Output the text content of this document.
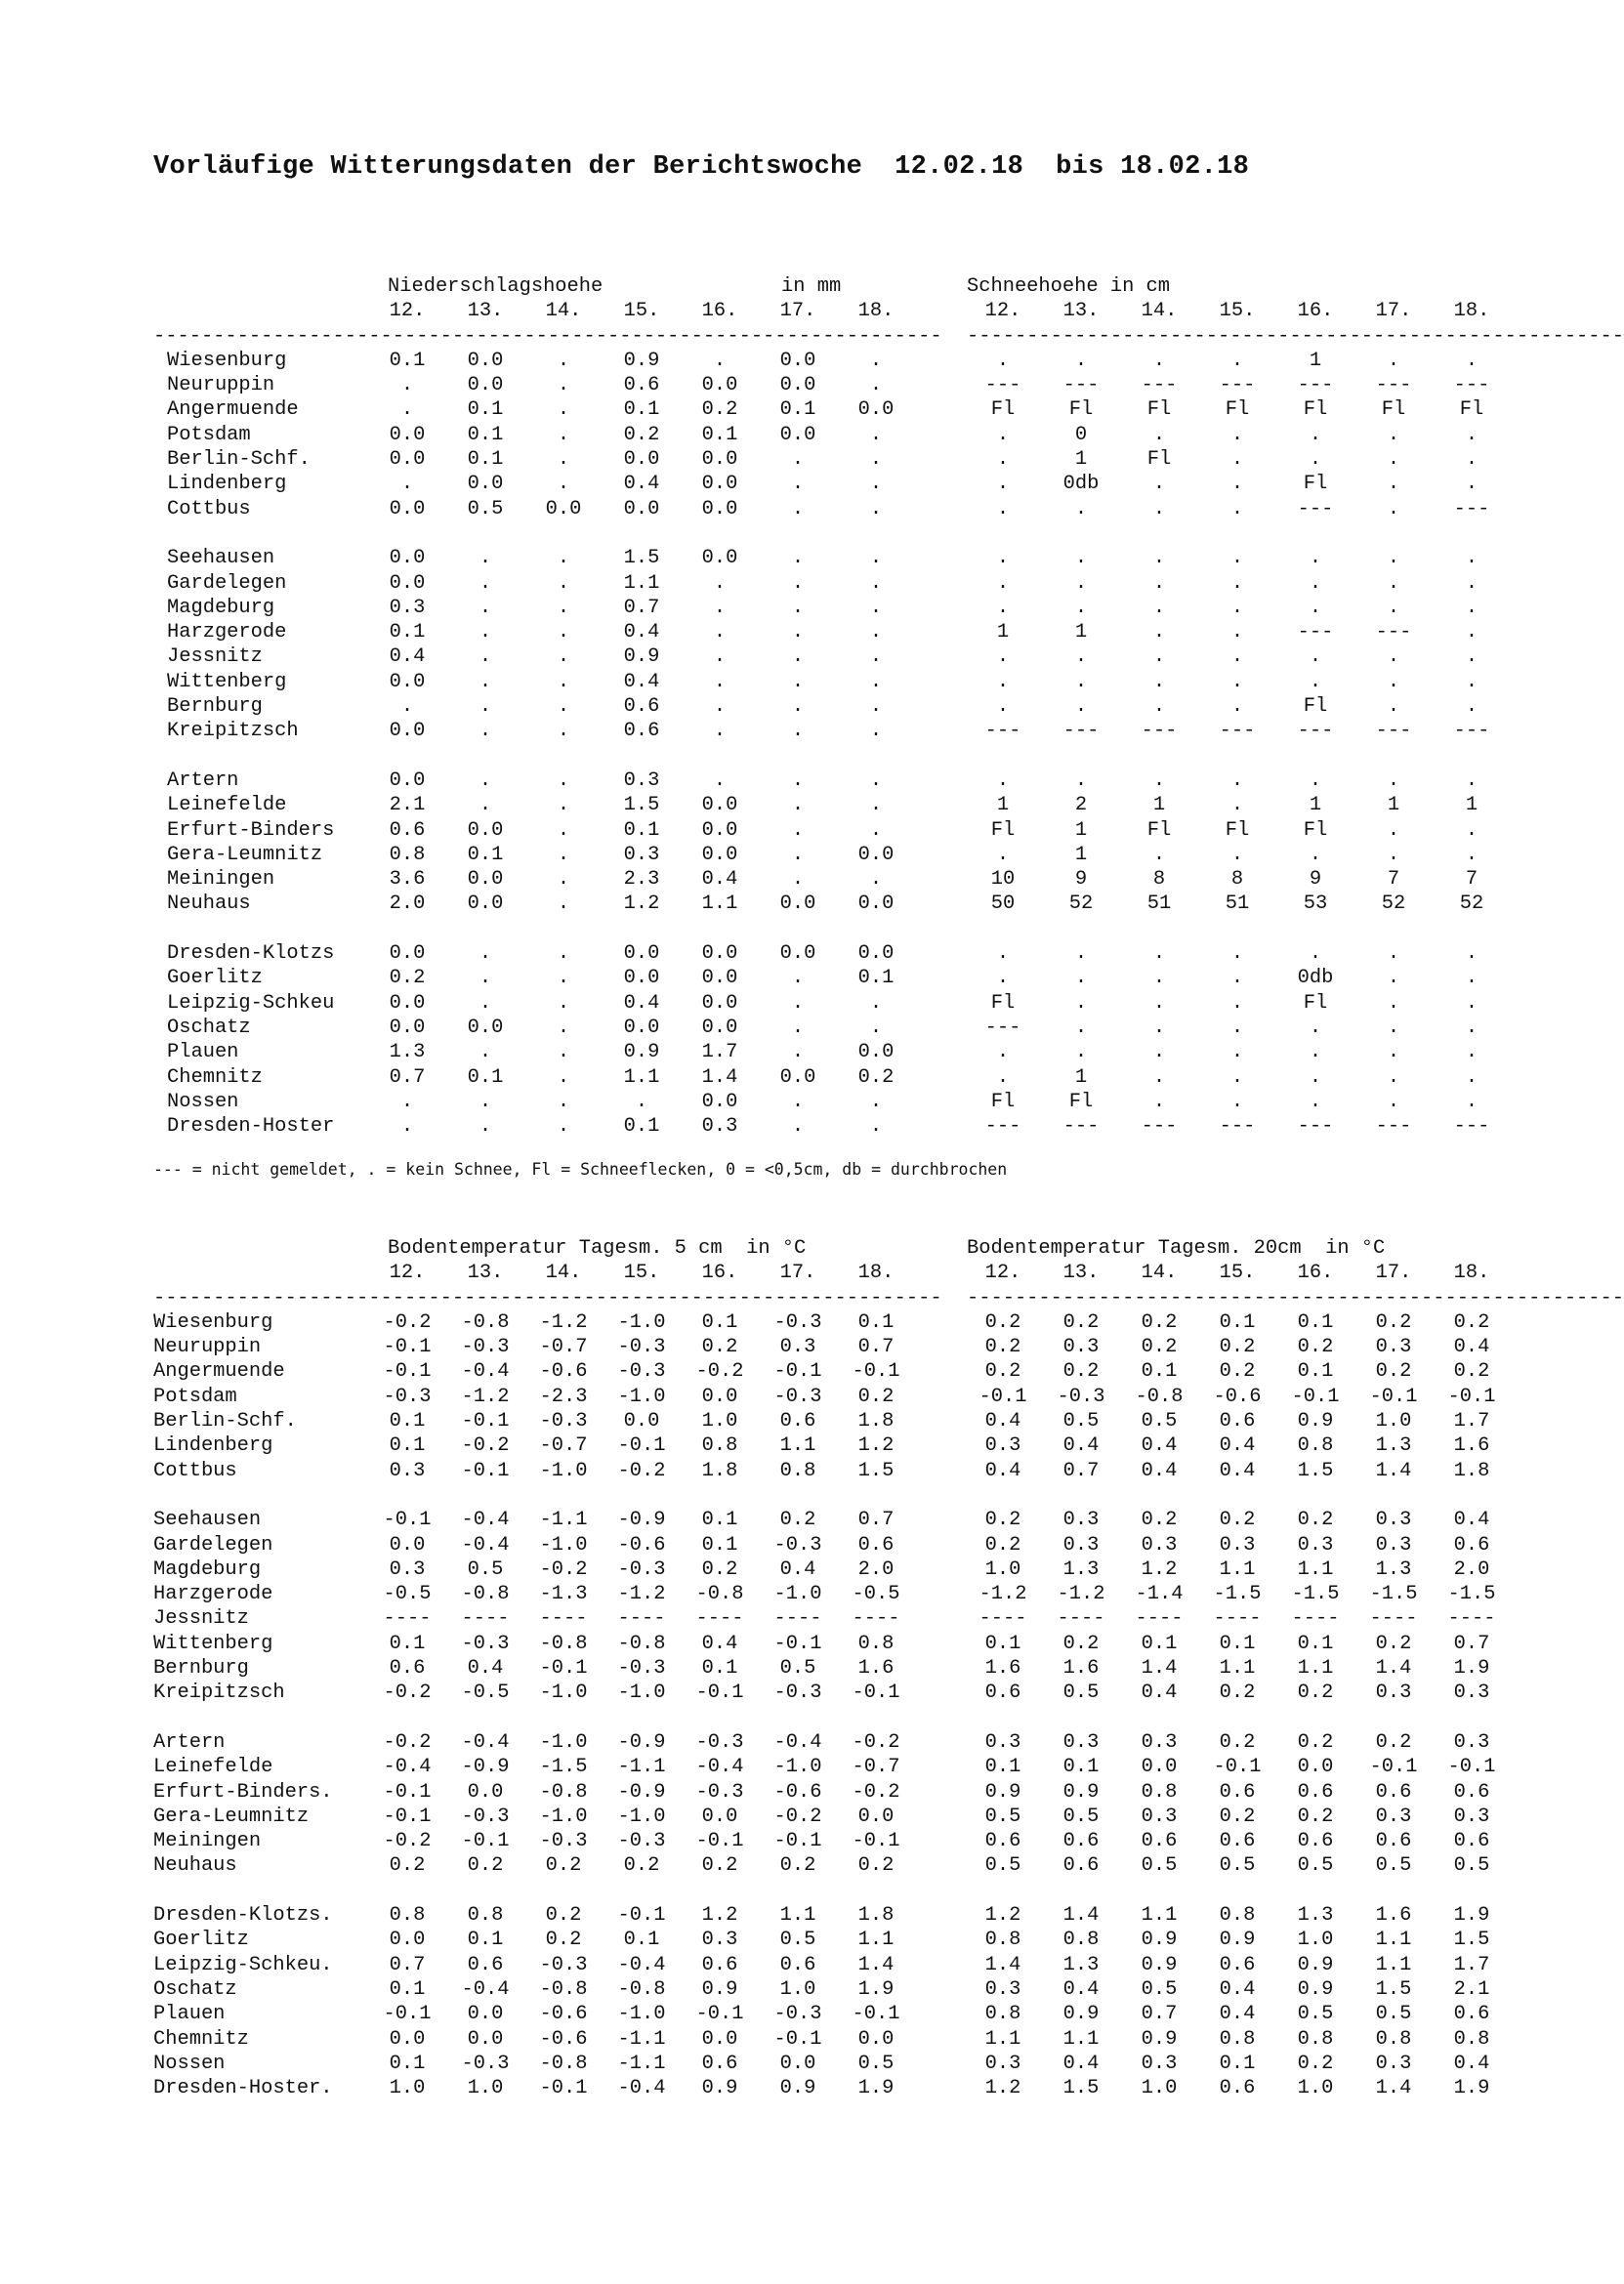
Vorläufige Witterungsdaten der Berichtswoche  12.02.18  bis 18.02.18

Niederschlagshoehe

	in mm

	Schneehoehe in cm

12.	13.	14.	15.	16.	17.	18.	12.	13.	14.	15.	16.	17.	18.
------------------------------------------------------------------ -------------------------------------------------------
Wiesenburg	0.1	0.0	.	0.9	.	0.0	.	.	.	.	.	1	.	.
Neuruppin	.	0.0	.	0.6	0.0	0.0	.	---	---	---	---	---	---	---
Angermuende	.	0.1	.	0.1	0.2	0.1	0.0	Fl	Fl	Fl	Fl	Fl	Fl	Fl
Potsdam	0.0	0.1	.	0.2	0.1	0.0	.	.	0	.	.	.	.	.
Berlin-Schf.	0.0	0.1	.	0.0	0.0	.	.	.	1	Fl	.	.	.	.
Lindenberg	.	0.0	.	0.4	0.0	.	.	.	0db	.	.	Fl	.	.
Cottbus	0.0	0.5	0.0	0.0	0.0	.	.	.	.	.	.	---	.	---
Seehausen	0.0	.	.	1.5	0.0	.	.	.	.	.	.	.	.	.
Gardelegen	0.0	.	.	1.1	.	.	.	.	.	.	.	.	.	.
Magdeburg	0.3	.	.	0.7	.	.	.	.	.	.	.	.	.	.
Harzgerode	0.1	.	.	0.4	.	.	.	1	1	.	.	---	---	.
Jessnitz	0.4	.	.	0.9	.	.	.	.	.	.	.	.	.	.
Wittenberg	0.0	.	.	0.4	.	.	.	.	.	.	.	.	.	.
Bernburg	.	.	.	0.6	.	.	.	.	.	.	.	Fl	.	.
Kreipitzsch	0.0	.	.	0.6	.	.	.	---	---	---	---	---	---	---
Artern	0.0	.	.	0.3	.	.	.	.	.	.	.	.	.	.
Leinefelde	2.1	.	.	1.5	0.0	.	.	1	2	1	.	1	1	1
Erfurt-Binders	0.6	0.0	.	0.1	0.0	.	.	Fl	1	Fl	Fl	Fl	.	.
Gera-Leumnitz	0.8	0.1	.	0.3	0.0	.	0.0	.	1	.	.	.	.	.
Meiningen	3.6	0.0	.	2.3	0.4	.	.	10	9	8	8	9	7	7
Neuhaus	2.0	0.0	.	1.2	1.1	0.0	0.0	50	52	51	51	53	52	52
Dresden-Klotzs	0.0	.	.	0.0	0.0	0.0	0.0	.	.	.	.	.	.	.
Goerlitz	0.2	.	.	0.0	0.0	.	0.1	.	.	.	.	0db	.	.
Leipzig-Schkeu	0.0	.	.	0.4	0.0	.	.	Fl	.	.	.	Fl	.	.
Oschatz	0.0	0.0	.	0.0	0.0	.	.	---	.	.	.	.	.	.
Plauen	1.3	.	.	0.9	1.7	.	0.0	.	.	.	.	.	.	.
Chemnitz	0.7	0.1	.	1.1	1.4	0.0	0.2	.	1	.	.	.	.	.
Nossen	.	.	.	.	0.0	.	.	Fl	Fl	.	.	.	.	.
Dresden-Hoster	.	.	.	0.1	0.3	.	.	---	---	---	---	---	---	---
--- = nicht gemeldet, . = kein Schnee, Fl = Schneeflecken, 0 = <0,5cm, db = durchbrochen

Bodentemperatur Tagesm. 5 cm  in °C

	Bodentemperatur Tagesm. 20cm  in °C

12.	13.	14.	15.	16.	17.	18.	12.	13.	14.	15.	16.	17.	18.
------------------------------------------------------------------ -------------------------------------------------------
Wiesenburg	-0.2	-0.8	-1.2	-1.0	0.1	-0.3	0.1	0.2	0.2	0.2	0.1	0.1	0.2	0.2
Neuruppin	-0.1	-0.3	-0.7	-0.3	0.2	0.3	0.7	0.2	0.3	0.2	0.2	0.2	0.3	0.4
Angermuende	-0.1	-0.4	-0.6	-0.3	-0.2	-0.1	-0.1	0.2	0.2	0.1	0.2	0.1	0.2	0.2
Potsdam	-0.3	-1.2	-2.3	-1.0	0.0	-0.3	0.2	-0.1	-0.3	-0.8	-0.6	-0.1	-0.1	-0.1
Berlin-Schf.	0.1	-0.1	-0.3	0.0	1.0	0.6	1.8	0.4	0.5	0.5	0.6	0.9	1.0	1.7
Lindenberg	0.1	-0.2	-0.7	-0.1	0.8	1.1	1.2	0.3	0.4	0.4	0.4	0.8	1.3	1.6
Cottbus	0.3	-0.1	-1.0	-0.2	1.8	0.8	1.5	0.4	0.7	0.4	0.4	1.5	1.4	1.8
Seehausen	-0.1	-0.4	-1.1	-0.9	0.1	0.2	0.7	0.2	0.3	0.2	0.2	0.2	0.3	0.4
Gardelegen	0.0	-0.4	-1.0	-0.6	0.1	-0.3	0.6	0.2	0.3	0.3	0.3	0.3	0.3	0.6
Magdeburg	0.3	0.5	-0.2	-0.3	0.2	0.4	2.0	1.0	1.3	1.2	1.1	1.1	1.3	2.0
Harzgerode	-0.5	-0.8	-1.3	-1.2	-0.8	-1.0	-0.5	-1.2	-1.2	-1.4	-1.5	-1.5	-1.5	-1.5
Jessnitz	----	----	----	----	----	----	----	----	----	----	----	----	----	----
Wittenberg	0.1	-0.3	-0.8	-0.8	0.4	-0.1	0.8	0.1	0.2	0.1	0.1	0.1	0.2	0.7
Bernburg	0.6	0.4	-0.1	-0.3	0.1	0.5	1.6	1.6	1.6	1.4	1.1	1.1	1.4	1.9
Kreipitzsch	-0.2	-0.5	-1.0	-1.0	-0.1	-0.3	-0.1	0.6	0.5	0.4	0.2	0.2	0.3	0.3
Artern	-0.2	-0.4	-1.0	-0.9	-0.3	-0.4	-0.2	0.3	0.3	0.3	0.2	0.2	0.2	0.3
Leinefelde	-0.4	-0.9	-1.5	-1.1	-0.4	-1.0	-0.7	0.1	0.1	0.0	-0.1	0.0	-0.1	-0.1
Erfurt-Binders.	-0.1	0.0	-0.8	-0.9	-0.3	-0.6	-0.2	0.9	0.9	0.8	0.6	0.6	0.6	0.6
Gera-Leumnitz	-0.1	-0.3	-1.0	-1.0	0.0	-0.2	0.0	0.5	0.5	0.3	0.2	0.2	0.3	0.3
Meiningen	-0.2	-0.1	-0.3	-0.3	-0.1	-0.1	-0.1	0.6	0.6	0.6	0.6	0.6	0.6	0.6
Neuhaus	0.2	0.2	0.2	0.2	0.2	0.2	0.2	0.5	0.6	0.5	0.5	0.5	0.5	0.5
Dresden-Klotzs.	0.8	0.8	0.2	-0.1	1.2	1.1	1.8	1.2	1.4	1.1	0.8	1.3	1.6	1.9
Goerlitz	0.0	0.1	0.2	0.1	0.3	0.5	1.1	0.8	0.8	0.9	0.9	1.0	1.1	1.5
Leipzig-Schkeu.	0.7	0.6	-0.3	-0.4	0.6	0.6	1.4	1.4	1.3	0.9	0.6	0.9	1.1	1.7
Oschatz	0.1	-0.4	-0.8	-0.8	0.9	1.0	1.9	0.3	0.4	0.5	0.4	0.9	1.5	2.1
Plauen	-0.1	0.0	-0.6	-1.0	-0.1	-0.3	-0.1	0.8	0.9	0.7	0.4	0.5	0.5	0.6
Chemnitz	0.0	0.0	-0.6	-1.1	0.0	-0.1	0.0	1.1	1.1	0.9	0.8	0.8	0.8	0.8
Nossen	0.1	-0.3	-0.8	-1.1	0.6	0.0	0.5	0.3	0.4	0.3	0.1	0.2	0.3	0.4
Dresden-Hoster.	1.0	1.0	-0.1	-0.4	0.9	0.9	1.9	1.2	1.5	1.0	0.6	1.0	1.4	1.9
